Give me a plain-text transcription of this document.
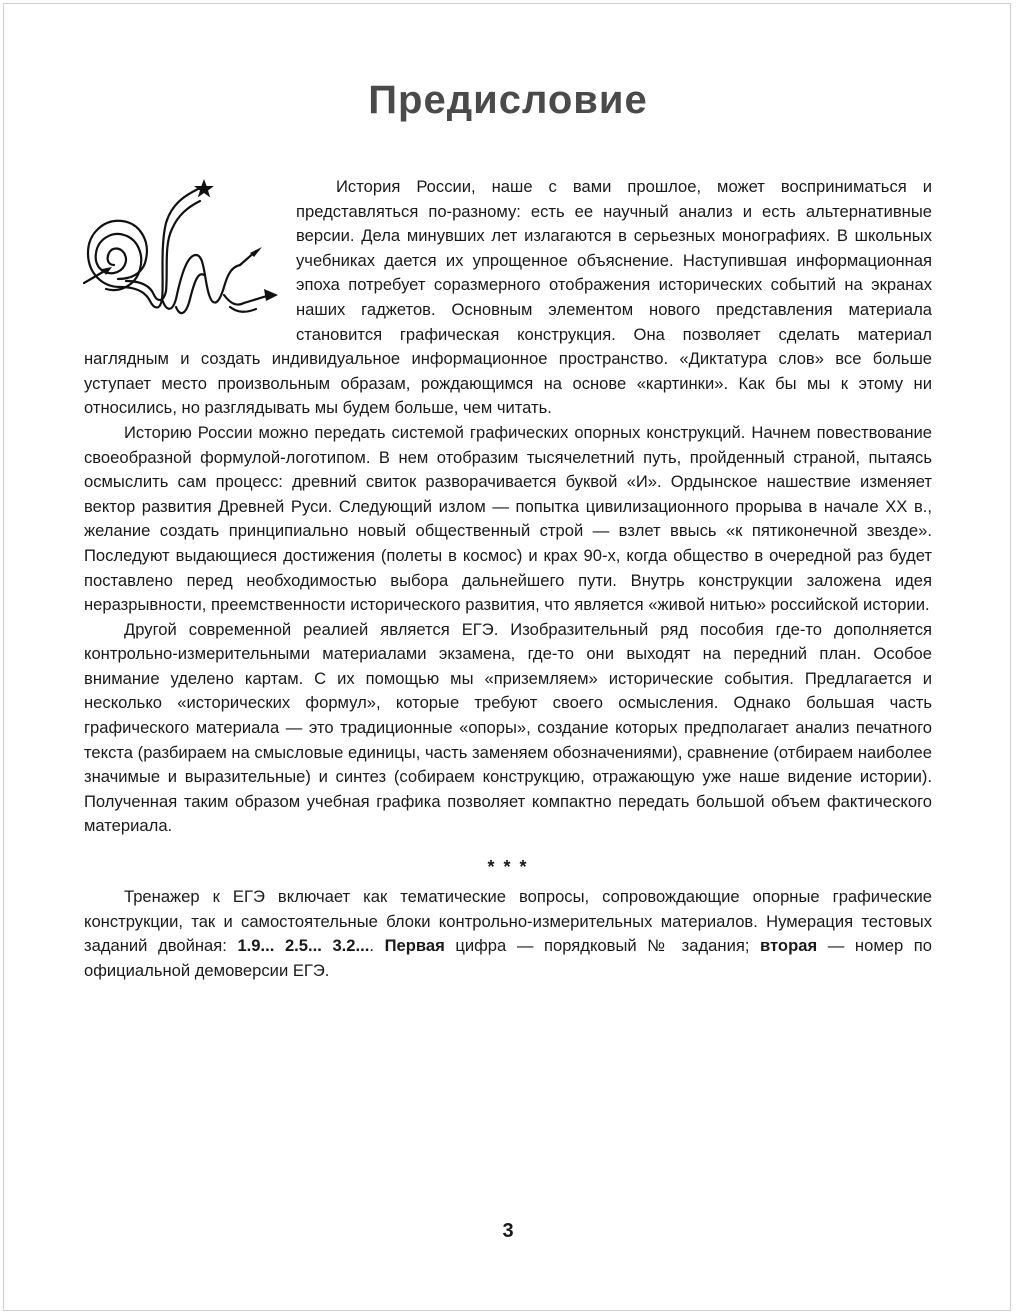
Предисловие

История России, наше с вами прошлое, может восприниматься и представляться по-разному: есть ее научный анализ и есть альтернативные версии. Дела минувших лет излагаются в серьезных монографиях. В школьных учебниках дается их упрощенное объяснение. Наступившая информационная эпоха потребует соразмерного отображения исторических событий на экранах наших гаджетов. Основным элементом нового представления материала становится графическая конструкция. Она позволяет сделать материал наглядным и создать индивидуальное информационное пространство. «Диктатура слов» все больше уступает место произвольным образам, рождающимся на основе «картинки». Как бы мы к этому ни относились, но разглядывать мы будем больше, чем читать.

Историю России можно передать системой графических опорных конструкций. Начнем повествование своеобразной формулой-логотипом. В нем отобразим тысячелетний путь, пройденный страной, пытаясь осмыслить сам процесс: древний свиток разворачивается буквой «И». Ордынское нашествие изменяет вектор развития Древней Руси. Следующий излом — попытка цивилизационного прорыва в начале XX в., желание создать принципиально новый общественный строй — взлет ввысь «к пятиконечной звезде». Последуют выдающиеся достижения (полеты в космос) и крах 90-х, когда общество в очередной раз будет поставлено перед необходимостью выбора дальнейшего пути. Внутрь конструкции заложена идея неразрывности, преемственности исторического развития, что является «живой нитью» российской истории.

Другой современной реалией является ЕГЭ. Изобразительный ряд пособия где-то дополняется контрольно-измерительными материалами экзамена, где-то они выходят на передний план. Особое внимание уделено картам. С их помощью мы «приземляем» исторические события. Предлагается и несколько «исторических формул», которые требуют своего осмысления. Однако большая часть графического материала — это традиционные «опоры», создание которых предполагает анализ печатного текста (разбираем на смысловые единицы, часть заменяем обозначениями), сравнение (отбираем наиболее значимые и выразительные) и синтез (собираем конструкцию, отражающую уже наше видение истории). Полученная таким образом учебная графика позволяет компактно передать большой объем фактического материала.

* * *

Тренажер к ЕГЭ включает как тематические вопросы, сопровождающие опорные графические конструкции, так и самостоятельные блоки контрольно-измерительных материалов. Нумерация тестовых заданий двойная: 1.9... 2.5... 3.2.... Первая цифра — порядковый № задания; вторая — номер по официальной демоверсии ЕГЭ.

3
